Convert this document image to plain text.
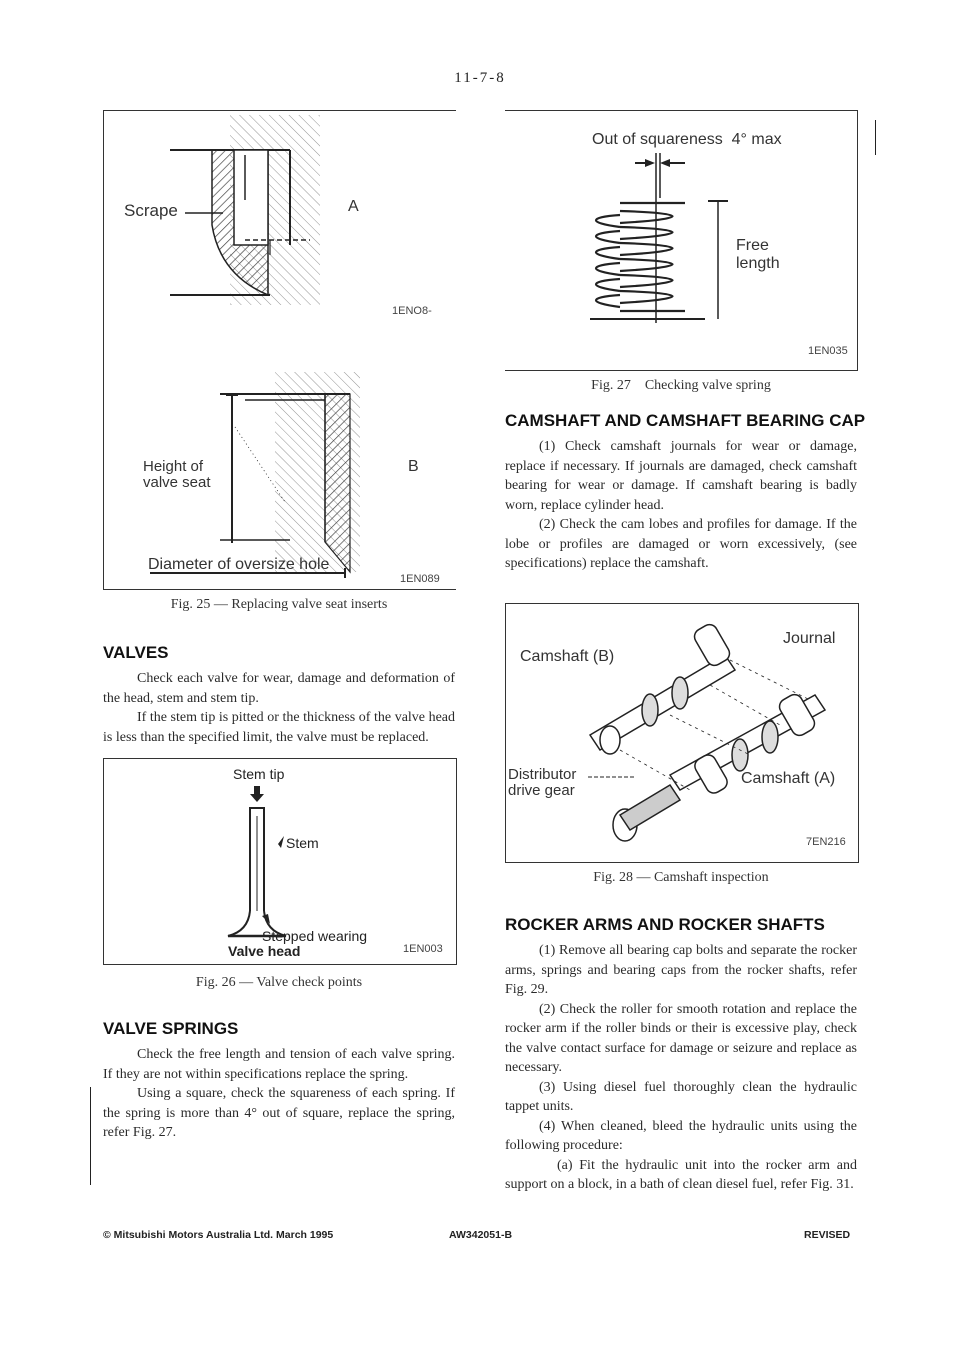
11-7-8
Scrape	A
1ENO8-
Height of
valve seat
B
Diameter of oversize hole
1EN089
Fig. 25 — Replacing valve seat inserts
VALVES

Check each valve for wear, damage and deformation of the head, stem and stem tip.

If the stem tip is pitted or the thickness of the valve head is less than the specified limit, the valve must be replaced.

Stem tip
Stem
Stepped wearing
Valve head	1EN003
Fig. 26 — Valve check points
VALVE SPRINGS

Check the free length and tension of each valve spring. If they are not within specifications replace the spring.

Using a square, check the squareness of each spring. If the spring is more than 4° out of square, replace the spring, refer Fig. 27.

Out of squareness  4° max
Free
length
1EN035
Fig. 27    Checking valve spring
CAMSHAFT AND CAMSHAFT BEARING CAP

(1) Check camshaft journals for wear or damage, replace if necessary. If journals are damaged, check camshaft bearing for wear or damage. If camshaft bearing is badly worn, replace cylinder head.

(2) Check the cam lobes and profiles for damage. If the lobe or profiles are damaged or worn excessively, (see specifications) replace the camshaft.

Camshaft (B)
Journal
Distributor
drive gear
Camshaft (A)
7EN216
Fig. 28 — Camshaft inspection
ROCKER ARMS AND ROCKER SHAFTS

(1) Remove all bearing cap bolts and separate the rocker arms, springs and bearing caps from the rocker shafts, refer Fig. 29.

(2) Check the roller for smooth rotation and replace the rocker arm if the roller binds or their is excessive play, check the valve contact surface for damage or seizure and replace as necessary.

(3) Using diesel fuel thoroughly clean the hydraulic tappet units.

(4) When cleaned, bleed the hydraulic units using the following procedure:

(a) Fit the hydraulic unit into the rocker arm and support on a block, in a bath of clean diesel fuel, refer Fig. 31.

© Mitsubishi Motors Australia Ltd. March 1995	AW342051-B	REVISED
